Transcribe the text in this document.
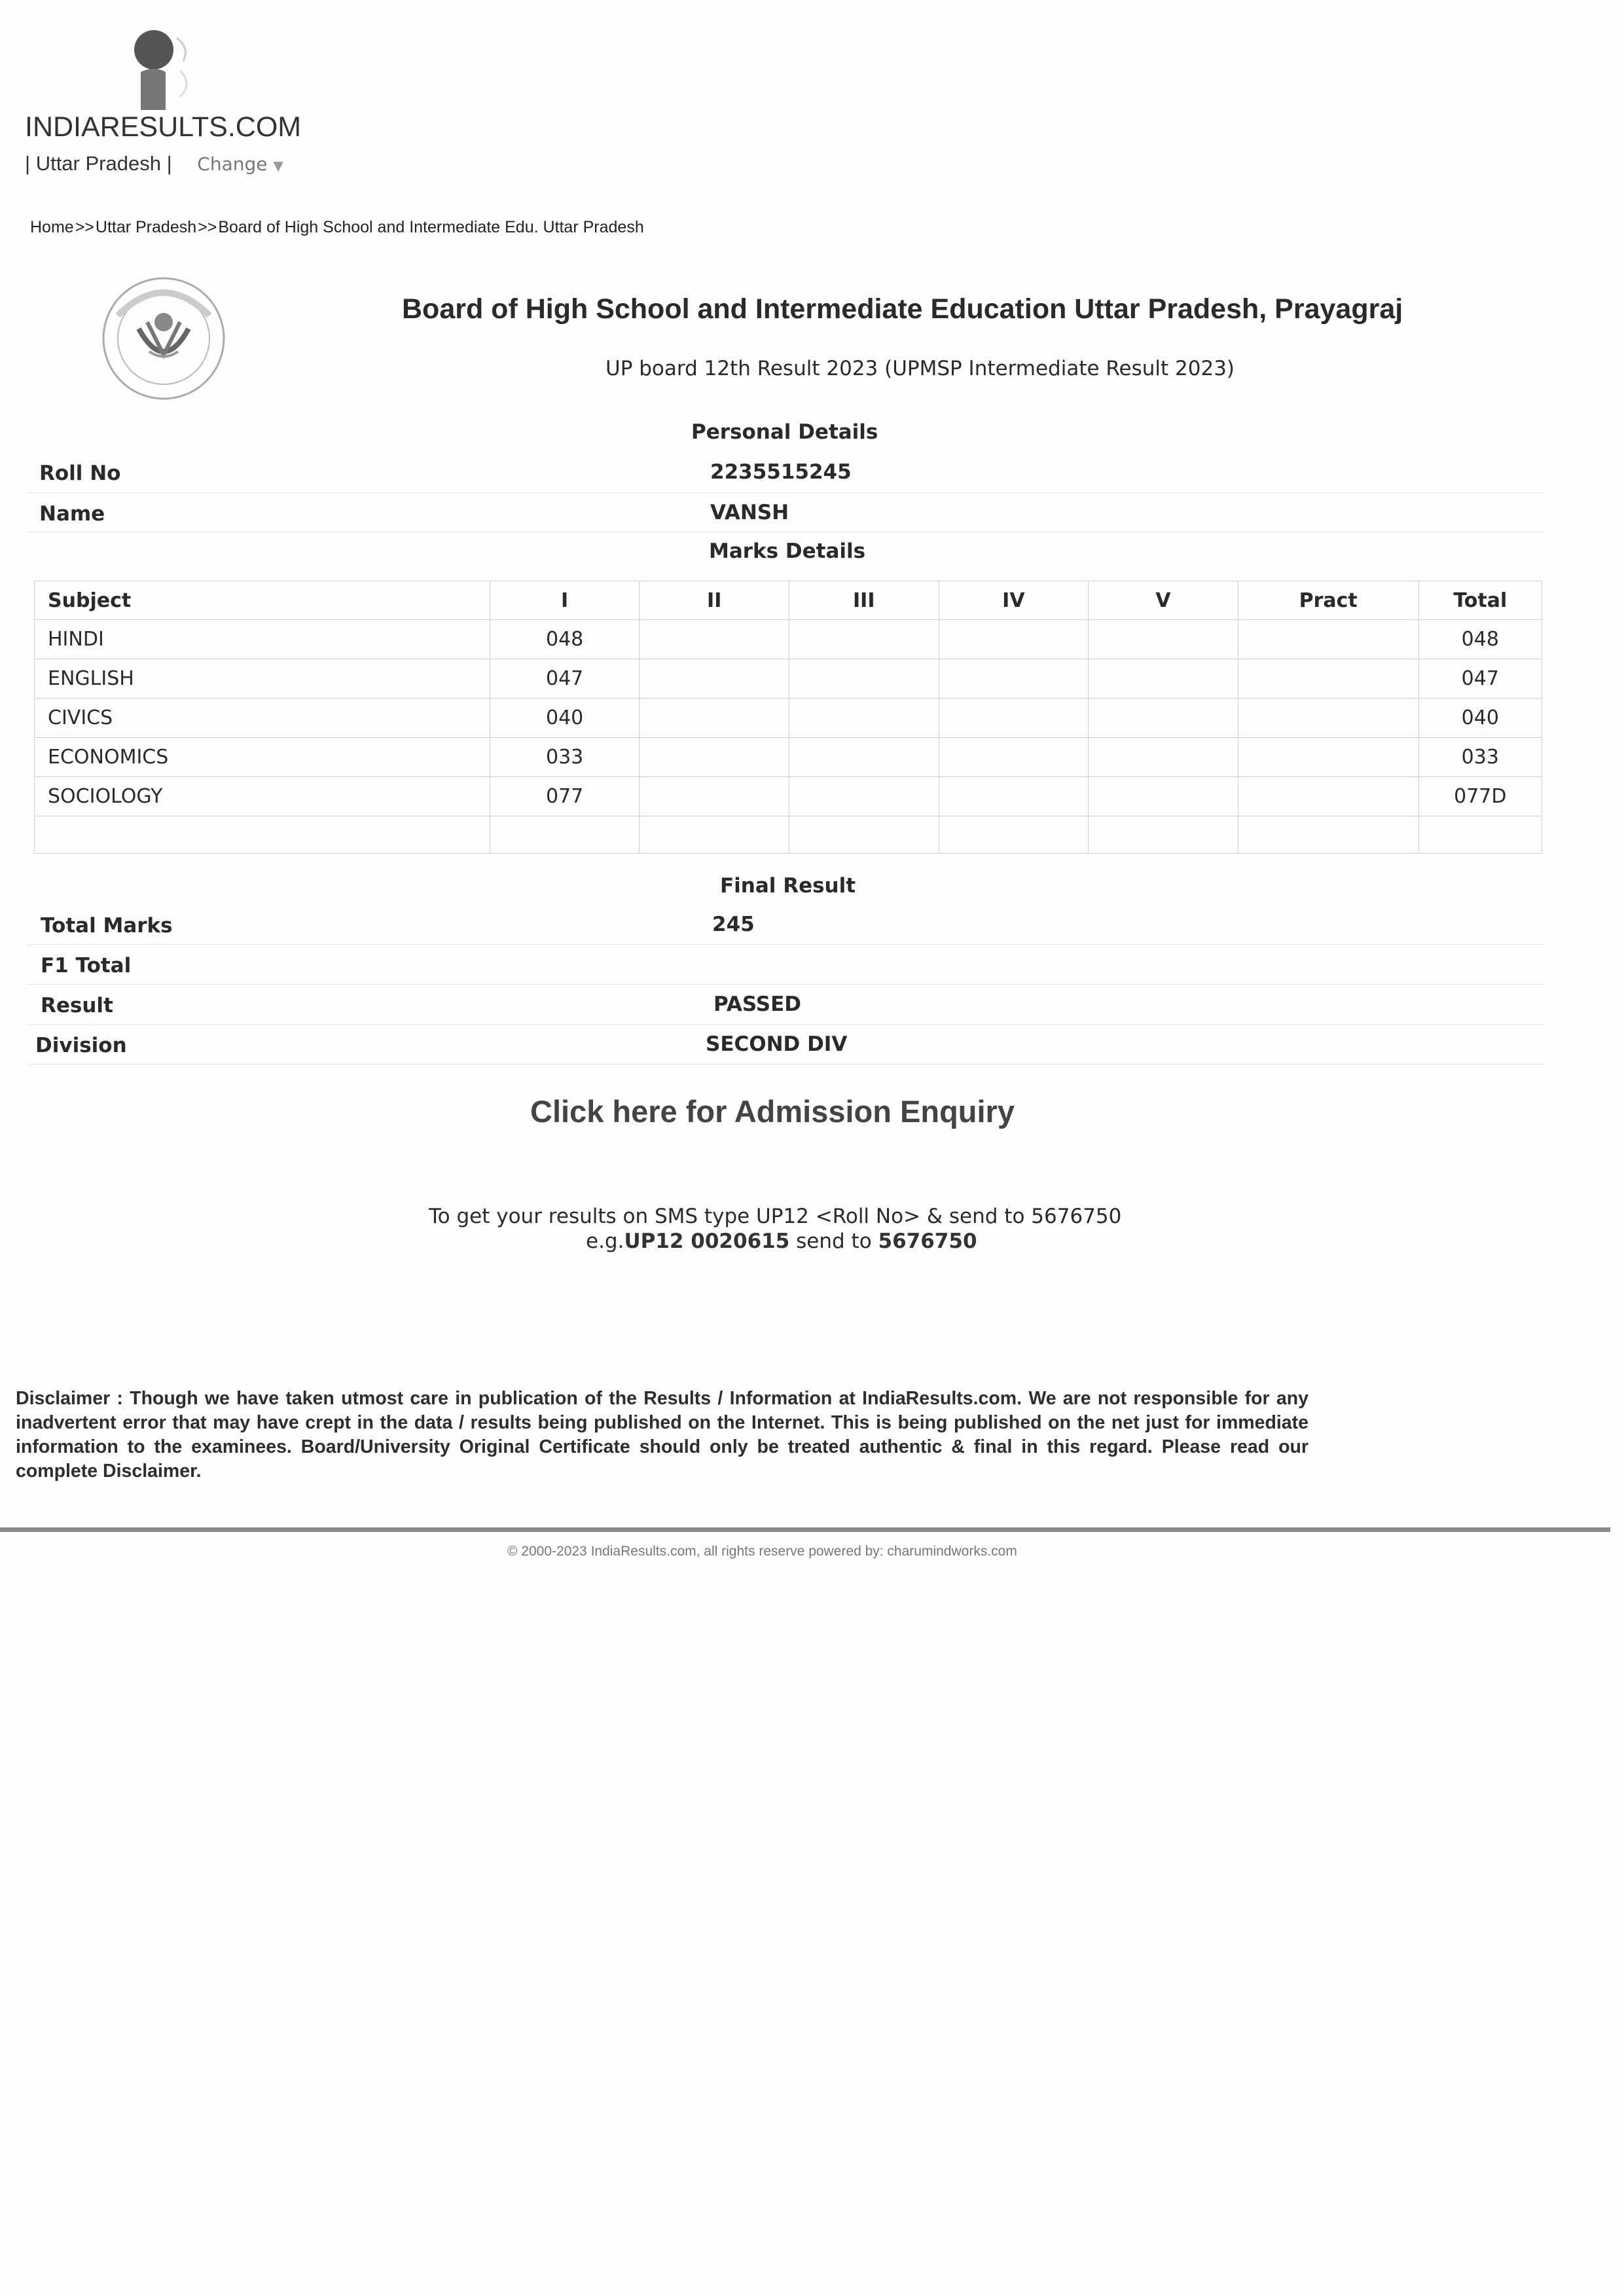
INDIARESULTS.COM
| Uttar Pradesh | Change ▼
Home>>Uttar Pradesh>>Board of High School and Intermediate Edu. Uttar Pradesh
Board of High School and Intermediate Education Uttar Pradesh, Prayagraj
UP board 12th Result 2023 (UPMSP Intermediate Result 2023)
Personal Details
Roll No	2235515245
Name	VANSH
Marks Details
Subject	I	II	III	IV	V	Pract	Total
HINDI	048						048
ENGLISH	047						047
CIVICS	040						040
ECONOMICS	033						033
SOCIOLOGY	077						077D

Final Result
Total Marks	245
F1 Total
Result	PASSED
Division	SECOND DIV
Click here for Admission Enquiry
To get your results on SMS type UP12 <Roll No> & send to 5676750
e.g.UP12 0020615 send to 5676750
Disclaimer : Though we have taken utmost care in publication of the Results / Information at IndiaResults.com. We are not responsible for any inadvertent error that may have crept in the data / results being published on the Internet. This is being published on the net just for immediate information to the examinees. Board/University Original Certificate should only be treated authentic & final in this regard. Please read our complete Disclaimer.
© 2000-2023 IndiaResults.com, all rights reserve powered by: charumindworks.com
